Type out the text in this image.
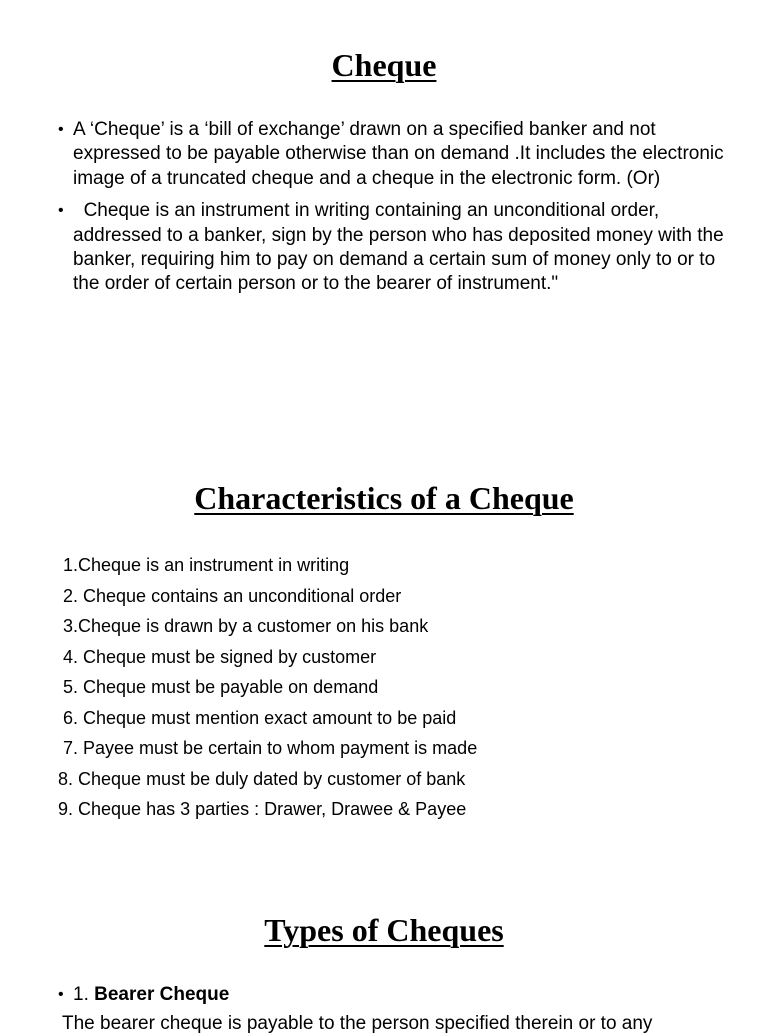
Cheque
• A ‘Cheque’ is a ‘bill of exchange’ drawn on a specified banker and not expressed to be payable otherwise than on demand .It includes the electronic image of a truncated cheque and a cheque in the electronic form. (Or)
• Cheque is an instrument in writing containing an unconditional order, addressed to a banker, sign by the person who has deposited money with the banker, requiring him to pay on demand a certain sum of money only to or to the order of certain person or to the bearer of instrument."
Characteristics of a Cheque
1.Cheque is an instrument in writing
2. Cheque contains an unconditional order
3.Cheque is drawn by a customer on his bank
4. Cheque must be signed by customer
5. Cheque must be payable on demand
6. Cheque must mention exact amount to be paid
7. Payee must be certain to whom payment is made
8. Cheque must be duly dated by customer of bank
9. Cheque has 3 parties : Drawer, Drawee & Payee
Types of Cheques
• 1. Bearer Cheque
The bearer cheque is payable to the person specified therein or to any
